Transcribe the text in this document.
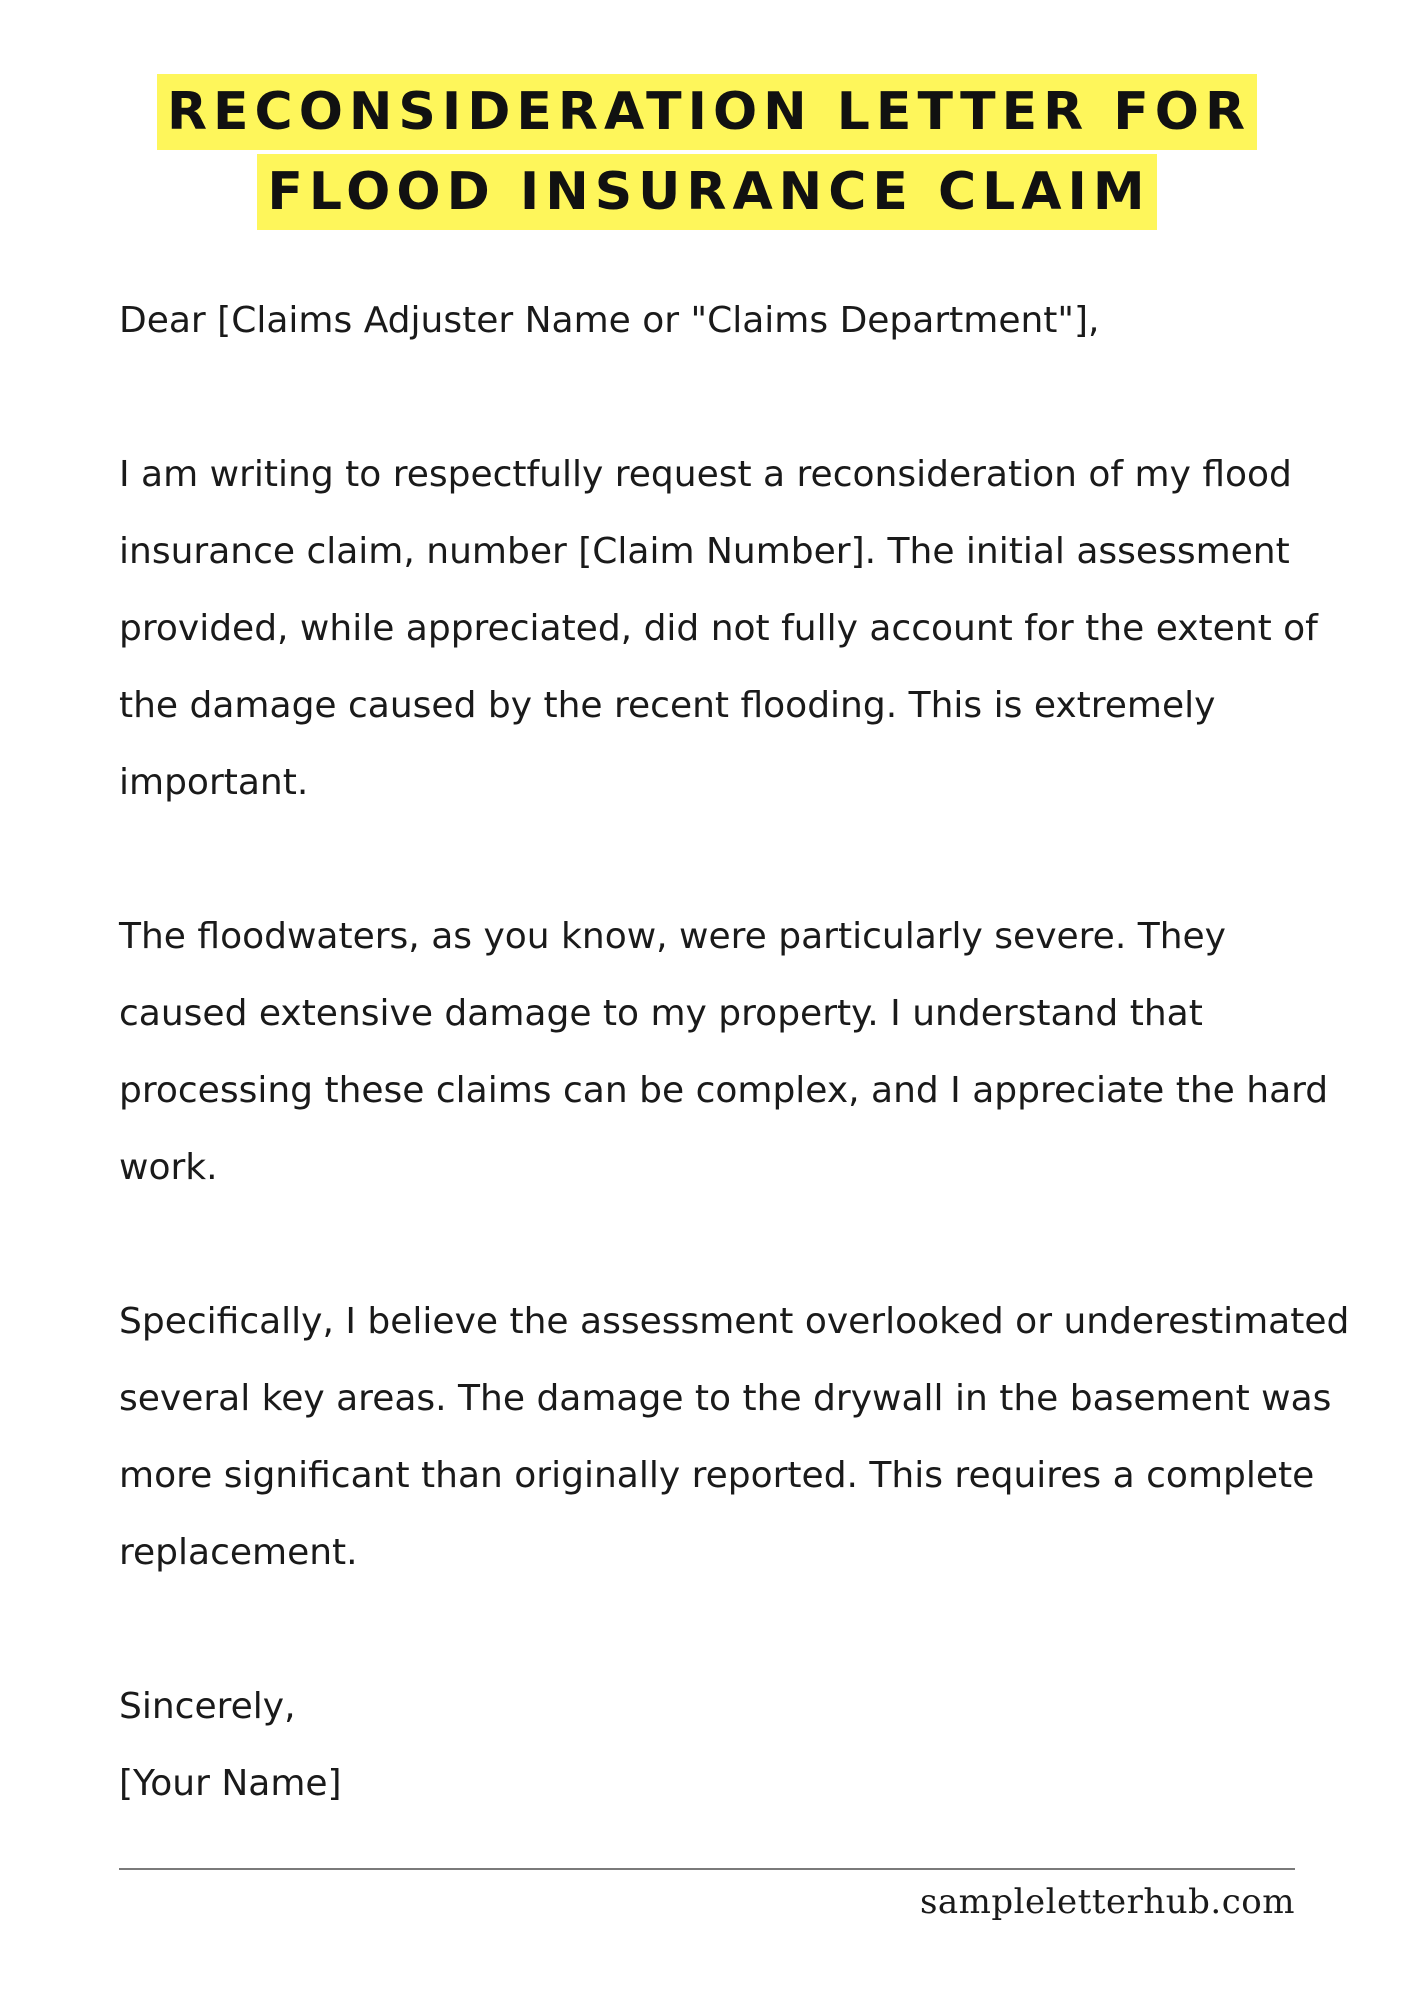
RECONSIDERATION LETTER FOR
FLOOD INSURANCE CLAIM

Dear [Claims Adjuster Name or "Claims Department"],

I am writing to respectfully request a reconsideration of my flood insurance claim, number [Claim Number]. The initial assessment provided, while appreciated, did not fully account for the extent of the damage caused by the recent flooding. This is extremely important.

The floodwaters, as you know, were particularly severe. They caused extensive damage to my property. I understand that processing these claims can be complex, and I appreciate the hard work.

Specifically, I believe the assessment overlooked or underestimated several key areas. The damage to the drywall in the basement was more significant than originally reported. This requires a complete replacement.

Sincerely,

[Your Name]

sampleletterhub.com
